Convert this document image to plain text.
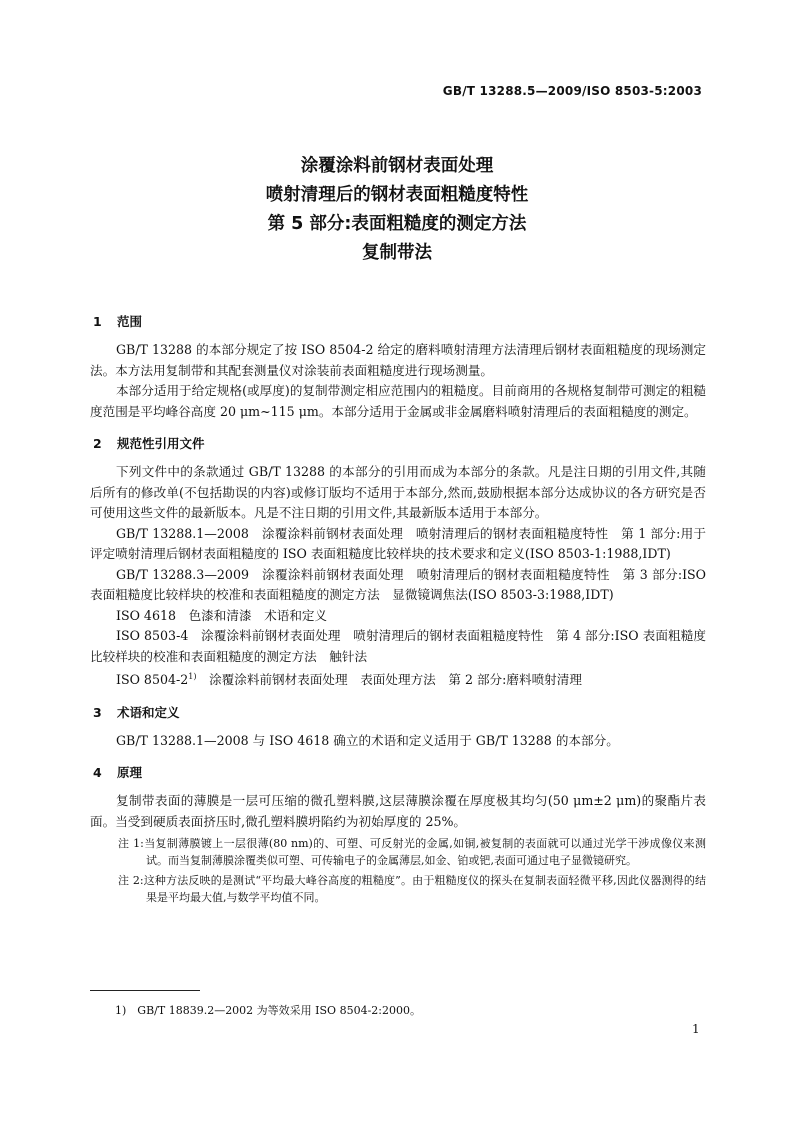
GB/T 13288.5—2009/ISO 8503-5:2003
涂覆涂料前钢材表面处理
喷射清理后的钢材表面粗糙度特性
第 5 部分:表面粗糙度的测定方法
复制带法
1 范围

GB/T 13288 的本部分规定了按 ISO 8504-2 给定的磨料喷射清理方法清理后钢材表面粗糙度的现场测定法。本方法用复制带和其配套测量仪对涂装前表面粗糙度进行现场测量。

本部分适用于给定规格(或厚度)的复制带测定相应范围内的粗糙度。目前商用的各规格复制带可测定的粗糙度范围是平均峰谷高度 20 μm~115 μm。本部分适用于金属或非金属磨料喷射清理后的表面粗糙度的测定。

2 规范性引用文件

下列文件中的条款通过 GB/T 13288 的本部分的引用而成为本部分的条款。凡是注日期的引用文件,其随后所有的修改单(不包括勘误的内容)或修订版均不适用于本部分,然而,鼓励根据本部分达成协议的各方研究是否可使用这些文件的最新版本。凡是不注日期的引用文件,其最新版本适用于本部分。

GB/T 13288.1—2008　涂覆涂料前钢材表面处理　喷射清理后的钢材表面粗糙度特性　第 1 部分:用于评定喷射清理后钢材表面粗糙度的 ISO 表面粗糙度比较样块的技术要求和定义(ISO 8503-1:1988,IDT)

GB/T 13288.3—2009　涂覆涂料前钢材表面处理　喷射清理后的钢材表面粗糙度特性　第 3 部分:ISO 表面粗糙度比较样块的校准和表面粗糙度的测定方法　显微镜调焦法(ISO 8503-3:1988,IDT)

ISO 4618　色漆和清漆　术语和定义

ISO 8503-4　涂覆涂料前钢材表面处理　喷射清理后的钢材表面粗糙度特性　第 4 部分:ISO 表面粗糙度比较样块的校准和表面粗糙度的测定方法　触针法

ISO 8504-2$^{1)}$　涂覆涂料前钢材表面处理　表面处理方法　第 2 部分:磨料喷射清理

3 术语和定义

GB/T 13288.1—2008 与 ISO 4618 确立的术语和定义适用于 GB/T 13288 的本部分。

4 原理

复制带表面的薄膜是一层可压缩的微孔塑料膜,这层薄膜涂覆在厚度极其均匀(50 μm±2 μm)的聚酯片表面。当受到硬质表面挤压时,微孔塑料膜坍陷约为初始厚度的 25%。

注 1:当复制薄膜镀上一层很薄(80 nm)的、可塑、可反射光的金属,如铜,被复制的表面就可以通过光学干涉成像仪来测试。而当复制薄膜涂覆类似可塑、可传输电子的金属薄层,如金、铂或钯,表面可通过电子显微镜研究。
注 2:这种方法反映的是测试“平均最大峰谷高度的粗糙度”。由于粗糙度仪的探头在复制表面轻微平移,因此仪器测得的结果是平均最大值,与数学平均值不同。
1)　GB/T 18839.2—2002 为等效采用 ISO 8504-2:2000。
1
